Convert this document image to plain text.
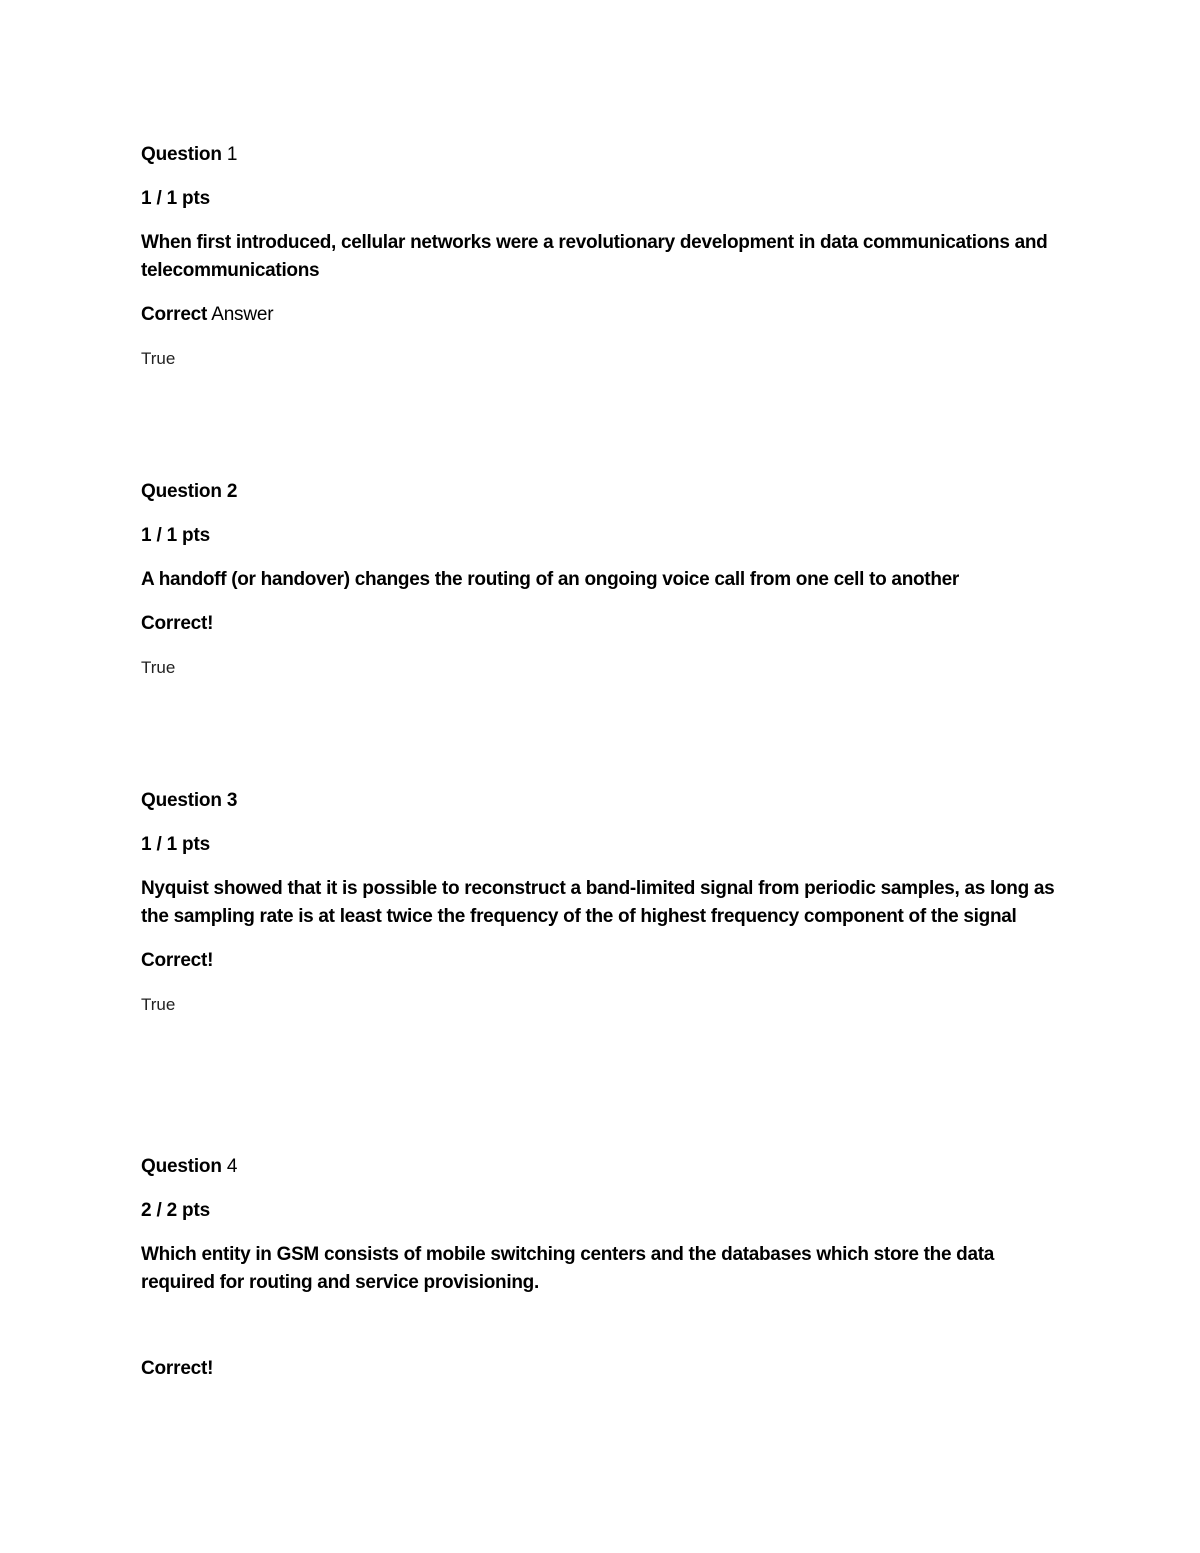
Question 1

1 / 1 pts

When first introduced, cellular networks were a revolutionary development in data communications and telecommunications

Correct Answer

True

Question 2

1 / 1 pts

A handoff (or handover) changes the routing of an ongoing voice call from one cell to another

Correct!

True

Question 3

1 / 1 pts

Nyquist showed that it is possible to reconstruct a band-limited signal from periodic samples, as long as the sampling rate is at least twice the frequency of the of highest frequency component of the signal

Correct!

True

Question 4

2 / 2 pts

Which entity in GSM consists of mobile switching centers and the databases which store the data required for routing and service provisioning.

Correct!
